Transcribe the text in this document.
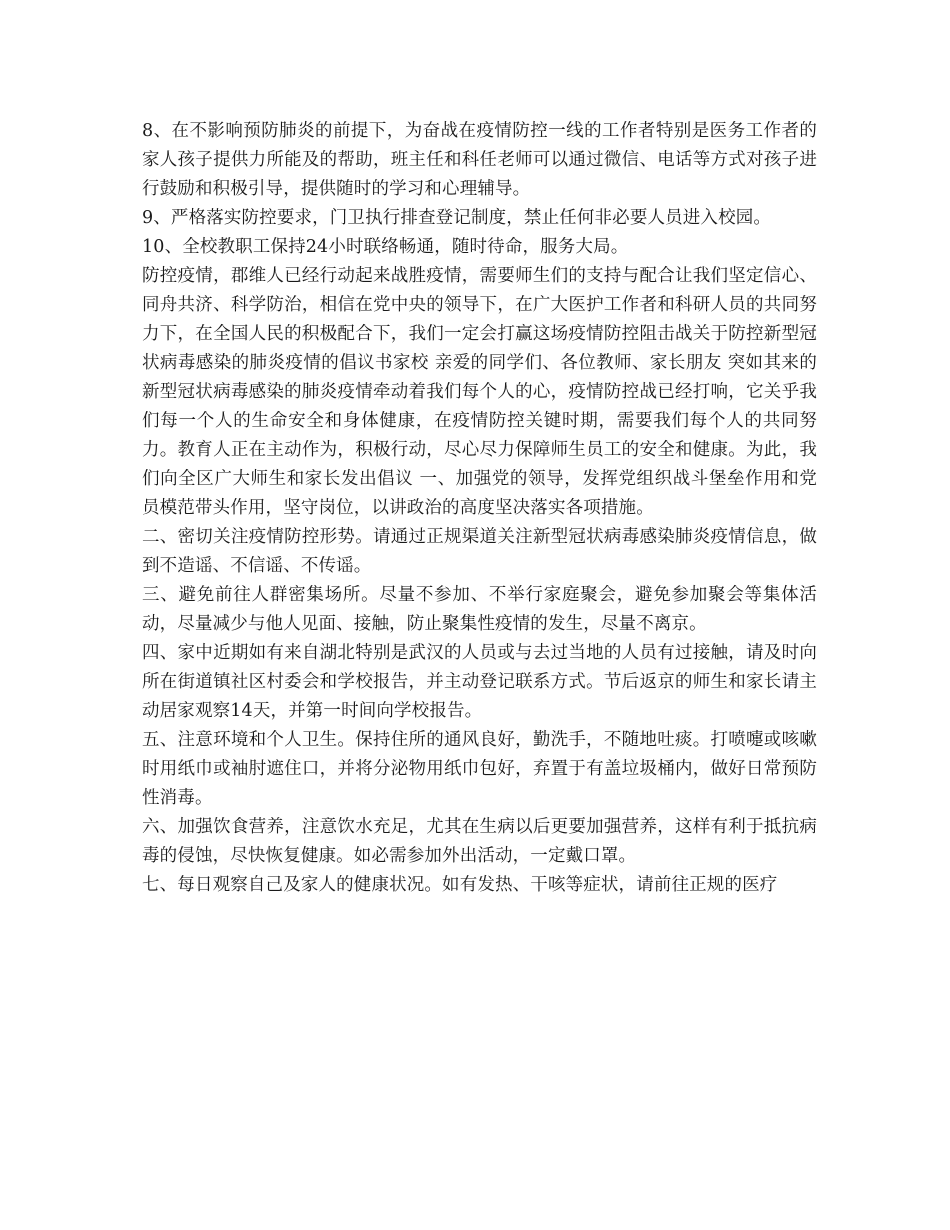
8、在不影响预防肺炎的前提下，为奋战在疫情防控一线的工作者特别是医务工作者的家人孩子提供力所能及的帮助，班主任和科任老师可以通过微信、电话等方式对孩子进行鼓励和积极引导，提供随时的学习和心理辅导。

9、严格落实防控要求，门卫执行排查登记制度，禁止任何非必要人员进入校园。

10、全校教职工保持24小时联络畅通，随时待命，服务大局。

防控疫情，郡维人已经行动起来战胜疫情，需要师生们的支持与配合让我们坚定信心、同舟共济、科学防治，相信在党中央的领导下，在广大医护工作者和科研人员的共同努力下，在全国人民的积极配合下，我们一定会打赢这场疫情防控阻击战关于防控新型冠状病毒感染的肺炎疫情的倡议书家校 亲爱的同学们、各位教师、家长朋友 突如其来的新型冠状病毒感染的肺炎疫情牵动着我们每个人的心，疫情防控战已经打响，它关乎我们每一个人的生命安全和身体健康，在疫情防控关键时期，需要我们每个人的共同努力。教育人正在主动作为，积极行动，尽心尽力保障师生员工的安全和健康。为此，我们向全区广大师生和家长发出倡议 一、加强党的领导，发挥党组织战斗堡垒作用和党员模范带头作用，坚守岗位，以讲政治的高度坚决落实各项措施。

二、密切关注疫情防控形势。请通过正规渠道关注新型冠状病毒感染肺炎疫情信息，做到不造谣、不信谣、不传谣。

三、避免前往人群密集场所。尽量不参加、不举行家庭聚会，避免参加聚会等集体活动，尽量减少与他人见面、接触，防止聚集性疫情的发生，尽量不离京。

四、家中近期如有来自湖北特别是武汉的人员或与去过当地的人员有过接触，请及时向所在街道镇社区村委会和学校报告，并主动登记联系方式。节后返京的师生和家长请主动居家观察14天，并第一时间向学校报告。

五、注意环境和个人卫生。保持住所的通风良好，勤洗手，不随地吐痰。打喷嚏或咳嗽时用纸巾或袖肘遮住口，并将分泌物用纸巾包好，弃置于有盖垃圾桶内，做好日常预防性消毒。

六、加强饮食营养，注意饮水充足，尤其在生病以后更要加强营养，这样有利于抵抗病毒的侵蚀，尽快恢复健康。如必需参加外出活动，一定戴口罩。

七、每日观察自己及家人的健康状况。如有发热、干咳等症状，请前往正规的医疗
